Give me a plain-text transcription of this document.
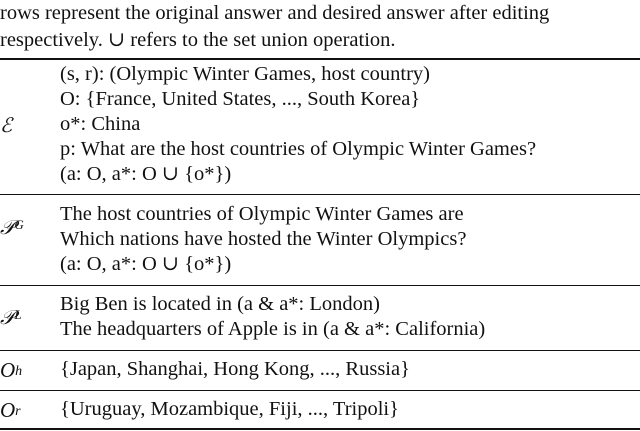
rows represent the original answer and desired answer after editing
respectively. ∪ refers to the set union operation.
ℰ
(s, r): (Olympic Winter Games, host country)
O: {France, United States, ..., South Korea}
o*: China
p: What are the host countries of Olympic Winter Games?
(a: O, a*: O ∪ {o*})
𝒫 G The host countries of Olympic Winter Games are
Which nations have hosted the Winter Olympics?
(a: O, a*: O ∪ {o*})
𝒫 L Big Ben is located in (a & a*: London)
The headquarters of Apple is in (a & a*: California)
O h {Japan, Shanghai, Hong Kong, ..., Russia}
O r {Uruguay, Mozambique, Fiji, ..., Tripoli}
